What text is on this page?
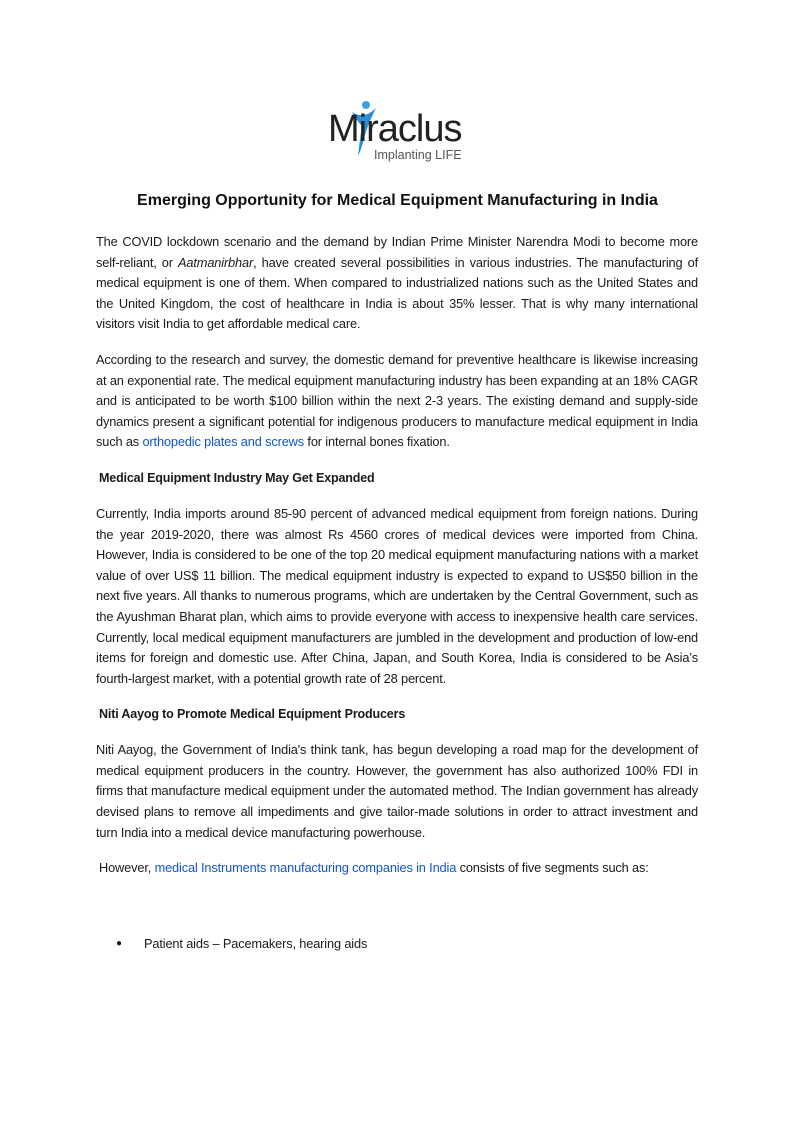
Miraclus
Implanting LIFE
Emerging Opportunity for Medical Equipment Manufacturing in India

The COVID lockdown scenario and the demand by Indian Prime Minister Narendra Modi to become more self-reliant, or Aatmanirbhar, have created several possibilities in various industries. The manufacturing of medical equipment is one of them. When compared to industrialized nations such as the United States and the United Kingdom, the cost of healthcare in India is about 35% lesser. That is why many international visitors visit India to get affordable medical care.

According to the research and survey, the domestic demand for preventive healthcare is likewise increasing at an exponential rate. The medical equipment manufacturing industry has been expanding at an 18% CAGR and is anticipated to be worth $100 billion within the next 2-3 years. The existing demand and supply-side dynamics present a significant potential for indigenous producers to manufacture medical equipment in India such as orthopedic plates and screws for internal bones fixation.

Medical Equipment Industry May Get Expanded

Currently, India imports around 85-90 percent of advanced medical equipment from foreign nations. During the year 2019-2020, there was almost Rs 4560 crores of medical devices were imported from China. However, India is considered to be one of the top 20 medical equipment manufacturing nations with a market value of over US$ 11 billion. The medical equipment industry is expected to expand to US$50 billion in the next five years. All thanks to numerous programs, which are undertaken by the Central Government, such as the Ayushman Bharat plan, which aims to provide everyone with access to inexpensive health care services. Currently, local medical equipment manufacturers are jumbled in the development and production of low-end items for foreign and domestic use. After China, Japan, and South Korea, India is considered to be Asia’s fourth-largest market, with a potential growth rate of 28 percent.

Niti Aayog to Promote Medical Equipment Producers

Niti Aayog, the Government of India's think tank, has begun developing a road map for the development of medical equipment producers in the country. However, the government has also authorized 100% FDI in firms that manufacture medical equipment under the automated method. The Indian government has already devised plans to remove all impediments and give tailor-made solutions in order to attract investment and turn India into a medical device manufacturing powerhouse.

However, medical Instruments manufacturing companies in India consists of five segments such as:

● Patient aids – Pacemakers, hearing aids
